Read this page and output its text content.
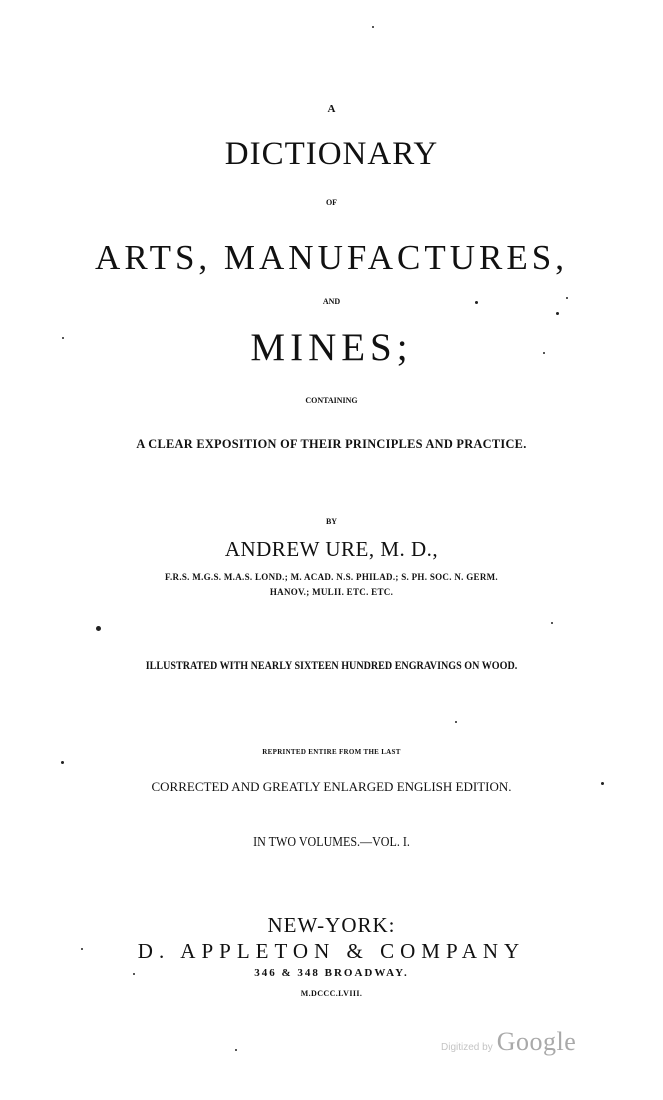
A
DICTIONARY
OF
ARTS, MANUFACTURES,
AND
MINES;
CONTAINING
A CLEAR EXPOSITION OF THEIR PRINCIPLES AND PRACTICE.
BY
ANDREW URE, M. D.,
F.R.S. M.G.S. M.A.S. LOND.; M. ACAD. N.S. PHILAD.; S. PH. SOC. N. GERM.
HANOV.; MULII. ETC. ETC.
ILLUSTRATED WITH NEARLY SIXTEEN HUNDRED ENGRAVINGS ON WOOD.
REPRINTED ENTIRE FROM THE LAST
CORRECTED AND GREATLY ENLARGED ENGLISH EDITION.
IN TWO VOLUMES.—VOL. I.
NEW-YORK:
D. APPLETON & COMPANY
346 & 348 BROADWAY.
M.DCCC.LVIII.
Digitized by Google
